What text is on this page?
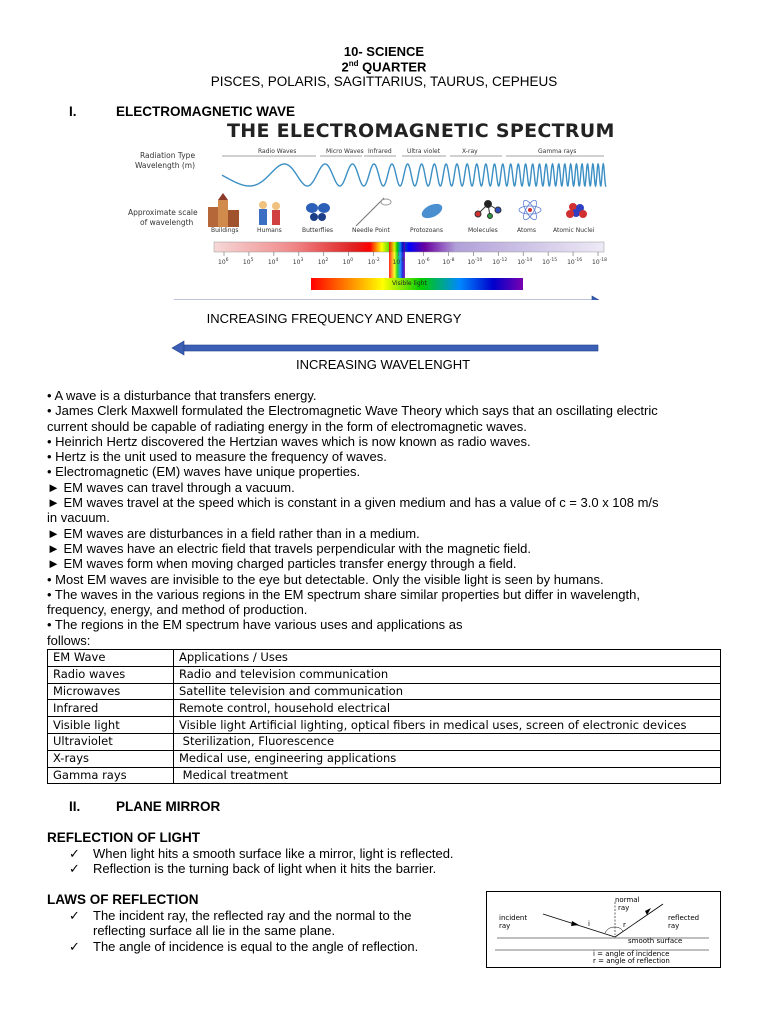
10- SCIENCE
2nd QUARTER
PISCES, POLARIS, SAGITTARIUS, TAURUS, CEPHEUS
I.	ELECTROMAGNETIC WAVE
THE ELECTROMAGNETIC SPECTRUM
Radiation Type
Wavelength (m)
Radio Waves	Micro Waves Infrared	Ultra violet	X-ray	Gamma rays
Buildings	Humans	Butterflies	Needle Point	Protozoans	Molecules	Atoms	Atomic Nuclei
Approximate scale
of wavelength
$10^6$ $10^5$ $10^4$ $10^3$ $10^2$ $10^0$ $10^{-2}$ $10^{-5}$ $10^{-6}$ $10^{-8}$ $10^{-10}$ $10^{-12}$ $10^{-14}$ $10^{-15}$ $10^{-16}$ $10^{-18}$
Visible light
INCREASING FREQUENCY AND ENERGY
INCREASING WAVELENGHT
• A wave is a disturbance that transfers energy.
• James Clerk Maxwell formulated the Electromagnetic Wave Theory which says that an oscillating electric
current should be capable of radiating energy in the form of electromagnetic waves.
• Heinrich Hertz discovered the Hertzian waves which is now known as radio waves.
• Hertz is the unit used to measure the frequency of waves.
• Electromagnetic (EM) waves have unique properties.
► EM waves can travel through a vacuum.
► EM waves travel at the speed which is constant in a given medium and has a value of c = 3.0 x 108 m/s
in vacuum.
► EM waves are disturbances in a field rather than in a medium.
► EM waves have an electric field that travels perpendicular with the magnetic field.
► EM waves form when moving charged particles transfer energy through a field.
• Most EM waves are invisible to the eye but detectable. Only the visible light is seen by humans.
• The waves in the various regions in the EM spectrum share similar properties but differ in wavelength,
frequency, energy, and method of production.
• The regions in the EM spectrum have various uses and applications as
follows:
EM Wave	Applications / Uses
Radio waves	Radio and television communication
Microwaves	Satellite television and communication
Infrared	Remote control, household electrical
Visible light	Visible light Artificial lighting, optical fibers in medical uses, screen of electronic devices
Ultraviolet	Sterilization, Fluorescence
X-rays	Medical use, engineering applications
Gamma rays	Medical treatment
II.	PLANE MIRROR
REFLECTION OF LIGHT
✓ When light hits a smooth surface like a mirror, light is reflected.
✓ Reflection is the turning back of light when it hits the barrier.
LAWS OF REFLECTION
✓ The incident ray, the reflected ray and the normal to the
reflecting surface all lie in the same plane.
✓ The angle of incidence is equal to the angle of reflection.
normal
ray
incident
ray
reflected
ray
i	r
smooth surface
i = angle of incidence
r = angle of reflection
